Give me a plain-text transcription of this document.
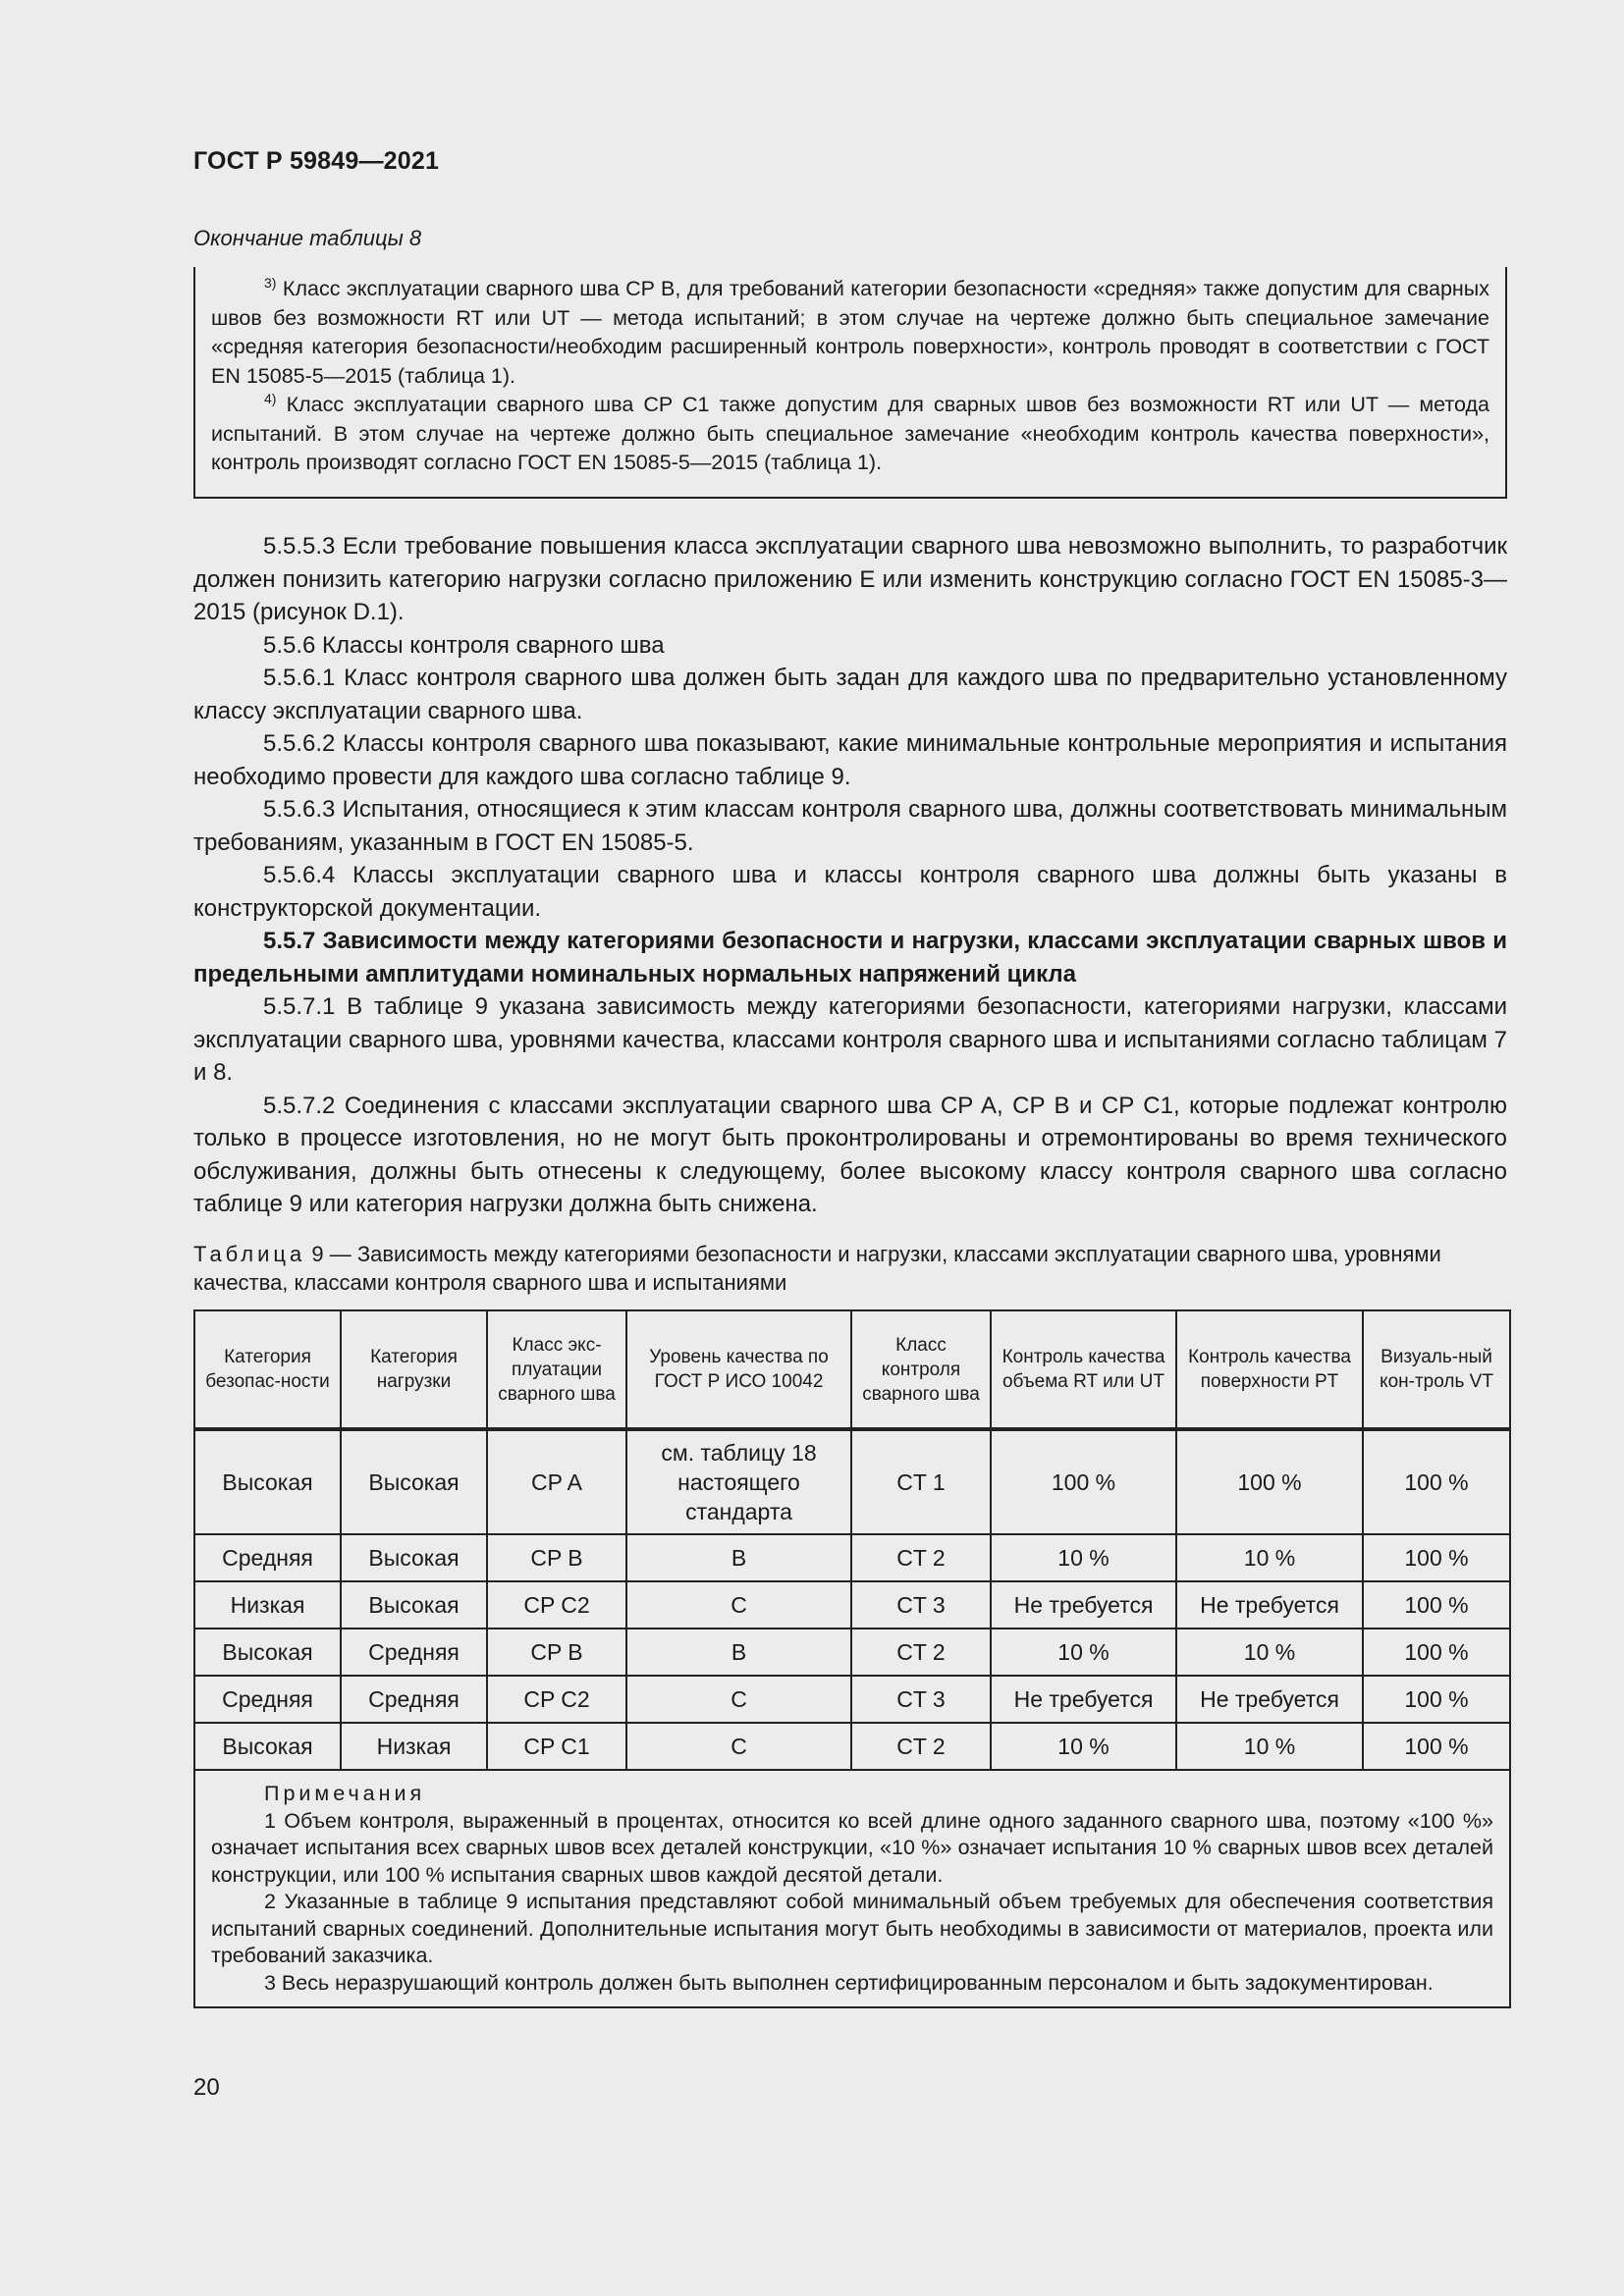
ГОСТ Р 59849—2021
Окончание таблицы 8

$^{3)}$ Класс эксплуатации сварного шва CP B, для требований категории безопасности «средняя» также допустим для сварных швов без возможности RT или UT — метода испытаний; в этом случае на чертеже должно быть специальное замечание «средняя категория безопасности/необходим расширенный контроль поверхности», контроль проводят в соответствии с ГОСТ EN 15085-5—2015 (таблица 1).

$^{4)}$ Класс эксплуатации сварного шва CP C1 также допустим для сварных швов без возможности RT или UT — метода испытаний. В этом случае на чертеже должно быть специальное замечание «необходим контроль качества поверхности», контроль производят согласно ГОСТ EN 15085-5—2015 (таблица 1).

5.5.5.3 Если требование повышения класса эксплуатации сварного шва невозможно выполнить, то разработчик должен понизить категорию нагрузки согласно приложению Е или изменить конструкцию согласно ГОСТ EN 15085-3—2015 (рисунок D.1).

5.5.6 Классы контроля сварного шва

5.5.6.1 Класс контроля сварного шва должен быть задан для каждого шва по предварительно установленному классу эксплуатации сварного шва.

5.5.6.2 Классы контроля сварного шва показывают, какие минимальные контрольные мероприятия и испытания необходимо провести для каждого шва согласно таблице 9.

5.5.6.3 Испытания, относящиеся к этим классам контроля сварного шва, должны соответствовать минимальным требованиям, указанным в ГОСТ EN 15085-5.

5.5.6.4 Классы эксплуатации сварного шва и классы контроля сварного шва должны быть указаны в конструкторской документации.

5.5.7 Зависимости между категориями безопасности и нагрузки, классами эксплуатации сварных швов и предельными амплитудами номинальных нормальных напряжений цикла

5.5.7.1 В таблице 9 указана зависимость между категориями безопасности, категориями нагрузки, классами эксплуатации сварного шва, уровнями качества, классами контроля сварного шва и испытаниями согласно таблицам 7 и 8.

5.5.7.2 Соединения с классами эксплуатации сварного шва CP A, CP B и CP C1, которые подлежат контролю только в процессе изготовления, но не могут быть проконтролированы и отремонтированы во время технического обслуживания, должны быть отнесены к следующему, более высокому классу контроля сварного шва согласно таблице 9 или категория нагрузки должна быть снижена.

Таблица 9 — Зависимость между категориями безопасности и нагрузки, классами эксплуатации сварного шва, уровнями качества, классами контроля сварного шва и испытаниями
Категория безопас-ности	Категория нагрузки	Класс экс-плуатации сварного шва	Уровень качества по ГОСТ Р ИСО 10042	Класс контроля сварного шва	Контроль качества объема RT или UT	Контроль качества поверхности PT	Визуаль-ный кон-троль VT
Высокая	Высокая	CP A	см. таблицу 18 настоящего стандарта	CT 1	100 %	100 %	100 %
Средняя	Высокая	CP B	B	CT 2	10 %	10 %	100 %
Низкая	Высокая	CP C2	C	CT 3	Не требуется	Не требуется	100 %
Высокая	Средняя	CP B	B	CT 2	10 %	10 %	100 %
Средняя	Средняя	CP C2	C	CT 3	Не требуется	Не требуется	100 %
Высокая	Низкая	CP C1	C	CT 2	10 %	10 %	100 %

Примечания

1 Объем контроля, выраженный в процентах, относится ко всей длине одного заданного сварного шва, поэтому «100 %» означает испытания всех сварных швов всех деталей конструкции, «10 %» означает испытания 10 % сварных швов всех деталей конструкции, или 100 % испытания сварных швов каждой десятой детали.

2 Указанные в таблице 9 испытания представляют собой минимальный объем требуемых для обеспечения соответствия испытаний сварных соединений. Дополнительные испытания могут быть необходимы в зависимости от материалов, проекта или требований заказчика.

3 Весь неразрушающий контроль должен быть выполнен сертифицированным персоналом и быть задокументирован.							

20
